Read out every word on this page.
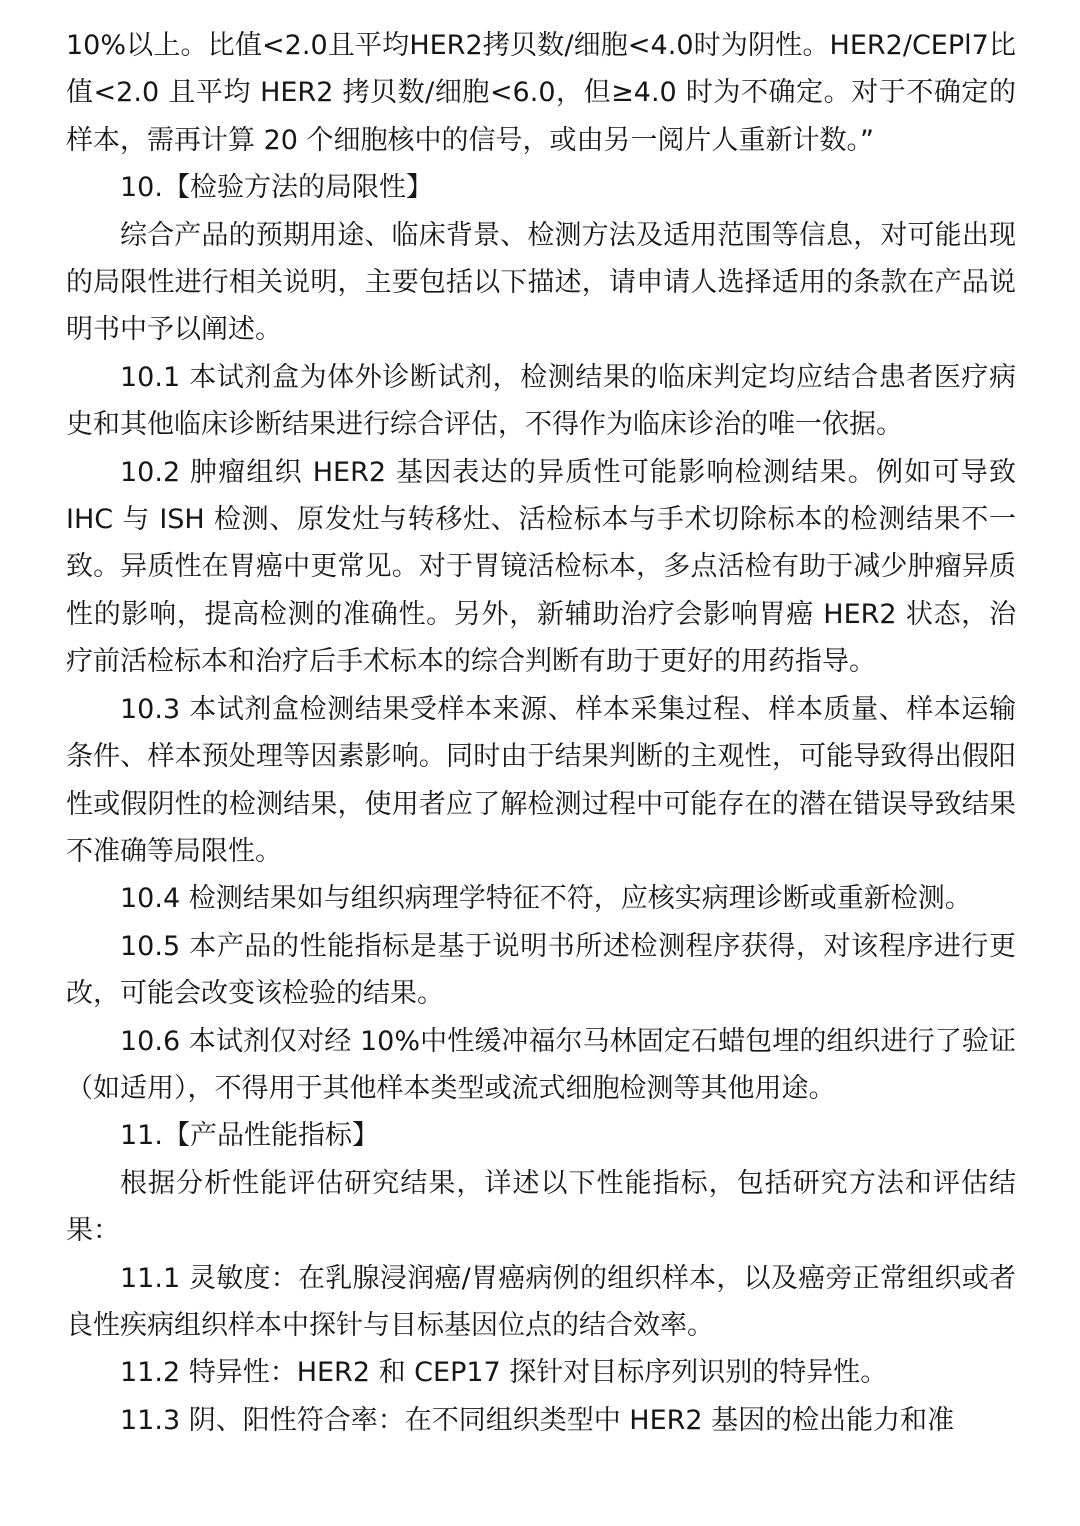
10%以上。比值<2.0且平均HER2拷贝数/细胞<4.0时为阴性。HER2/CEPl7比值<2.0 且平均 HER2 拷贝数/细胞<6.0，但≥4.0 时为不确定。对于不确定的样本，需再计算 20 个细胞核中的信号，或由另一阅片人重新计数。”

10.【检验方法的局限性】

综合产品的预期用途、临床背景、检测方法及适用范围等信息，对可能出现的局限性进行相关说明，主要包括以下描述，请申请人选择适用的条款在产品说明书中予以阐述。

10.1 本试剂盒为体外诊断试剂，检测结果的临床判定均应结合患者医疗病史和其他临床诊断结果进行综合评估，不得作为临床诊治的唯一依据。

10.2 肿瘤组织 HER2 基因表达的异质性可能影响检测结果。例如可导致 IHC 与 ISH 检测、原发灶与转移灶、活检标本与手术切除标本的检测结果不一致。异质性在胃癌中更常见。对于胃镜活检标本，多点活检有助于减少肿瘤异质性的影响，提高检测的准确性。另外，新辅助治疗会影响胃癌 HER2 状态，治疗前活检标本和治疗后手术标本的综合判断有助于更好的用药指导。

10.3 本试剂盒检测结果受样本来源、样本采集过程、样本质量、样本运输条件、样本预处理等因素影响。同时由于结果判断的主观性，可能导致得出假阳性或假阴性的检测结果，使用者应了解检测过程中可能存在的潜在错误导致结果不准确等局限性。

10.4 检测结果如与组织病理学特征不符，应核实病理诊断或重新检测。

10.5 本产品的性能指标是基于说明书所述检测程序获得，对该程序进行更改，可能会改变该检验的结果。

10.6 本试剂仅对经 10%中性缓冲福尔马林固定石蜡包埋的组织进行了验证（如适用），不得用于其他样本类型或流式细胞检测等其他用途。

11.【产品性能指标】

根据分析性能评估研究结果，详述以下性能指标，包括研究方法和评估结果：

11.1 灵敏度：在乳腺浸润癌/胃癌病例的组织样本，以及癌旁正常组织或者良性疾病组织样本中探针与目标基因位点的结合效率。

11.2 特异性：HER2 和 CEP17 探针对目标序列识别的特异性。

11.3 阴、阳性符合率：在不同组织类型中 HER2 基因的检出能力和准
